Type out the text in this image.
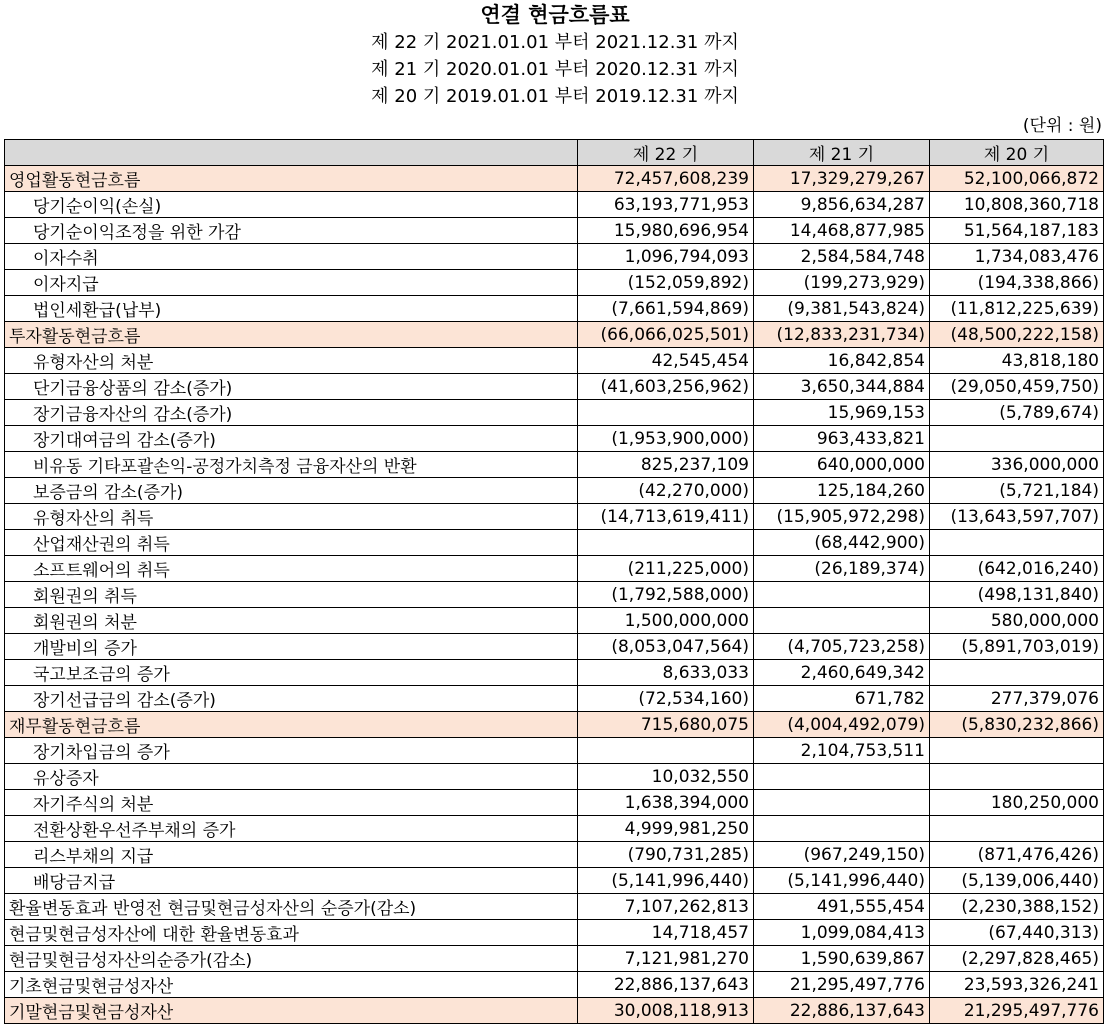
연결 현금흐름표
제 22 기 2021.01.01 부터 2021.12.31 까지
제 21 기 2020.01.01 부터 2020.12.31 까지
제 20 기 2019.01.01 부터 2019.12.31 까지
(단위 : 원)
	제 22 기	제 21 기	제 20 기
영업활동현금흐름	72,457,608,239	17,329,279,267	52,100,066,872
당기순이익(손실)	63,193,771,953	9,856,634,287	10,808,360,718
당기순이익조정을 위한 가감	15,980,696,954	14,468,877,985	51,564,187,183
이자수취	1,096,794,093	2,584,584,748	1,734,083,476
이자지급	(152,059,892)	(199,273,929)	(194,338,866)
법인세환급(납부)	(7,661,594,869)	(9,381,543,824)	(11,812,225,639)
투자활동현금흐름	(66,066,025,501)	(12,833,231,734)	(48,500,222,158)
유형자산의 처분	42,545,454	16,842,854	43,818,180
단기금융상품의 감소(증가)	(41,603,256,962)	3,650,344,884	(29,050,459,750)
장기금융자산의 감소(증가)		15,969,153	(5,789,674)
장기대여금의 감소(증가)	(1,953,900,000)	963,433,821	
비유동 기타포괄손익-공정가치측정 금융자산의 반환	825,237,109	640,000,000	336,000,000
보증금의 감소(증가)	(42,270,000)	125,184,260	(5,721,184)
유형자산의 취득	(14,713,619,411)	(15,905,972,298)	(13,643,597,707)
산업재산권의 취득		(68,442,900)	
소프트웨어의 취득	(211,225,000)	(26,189,374)	(642,016,240)
회원권의 취득	(1,792,588,000)		(498,131,840)
회원권의 처분	1,500,000,000		580,000,000
개발비의 증가	(8,053,047,564)	(4,705,723,258)	(5,891,703,019)
국고보조금의 증가	8,633,033	2,460,649,342	
장기선급금의 감소(증가)	(72,534,160)	671,782	277,379,076
재무활동현금흐름	715,680,075	(4,004,492,079)	(5,830,232,866)
장기차입금의 증가		2,104,753,511	
유상증자	10,032,550		
자기주식의 처분	1,638,394,000		180,250,000
전환상환우선주부채의 증가	4,999,981,250		
리스부채의 지급	(790,731,285)	(967,249,150)	(871,476,426)
배당금지급	(5,141,996,440)	(5,141,996,440)	(5,139,006,440)
환율변동효과 반영전 현금및현금성자산의 순증가(감소)	7,107,262,813	491,555,454	(2,230,388,152)
현금및현금성자산에 대한 환율변동효과	14,718,457	1,099,084,413	(67,440,313)
현금및현금성자산의순증가(감소)	7,121,981,270	1,590,639,867	(2,297,828,465)
기초현금및현금성자산	22,886,137,643	21,295,497,776	23,593,326,241
기말현금및현금성자산	30,008,118,913	22,886,137,643	21,295,497,776
